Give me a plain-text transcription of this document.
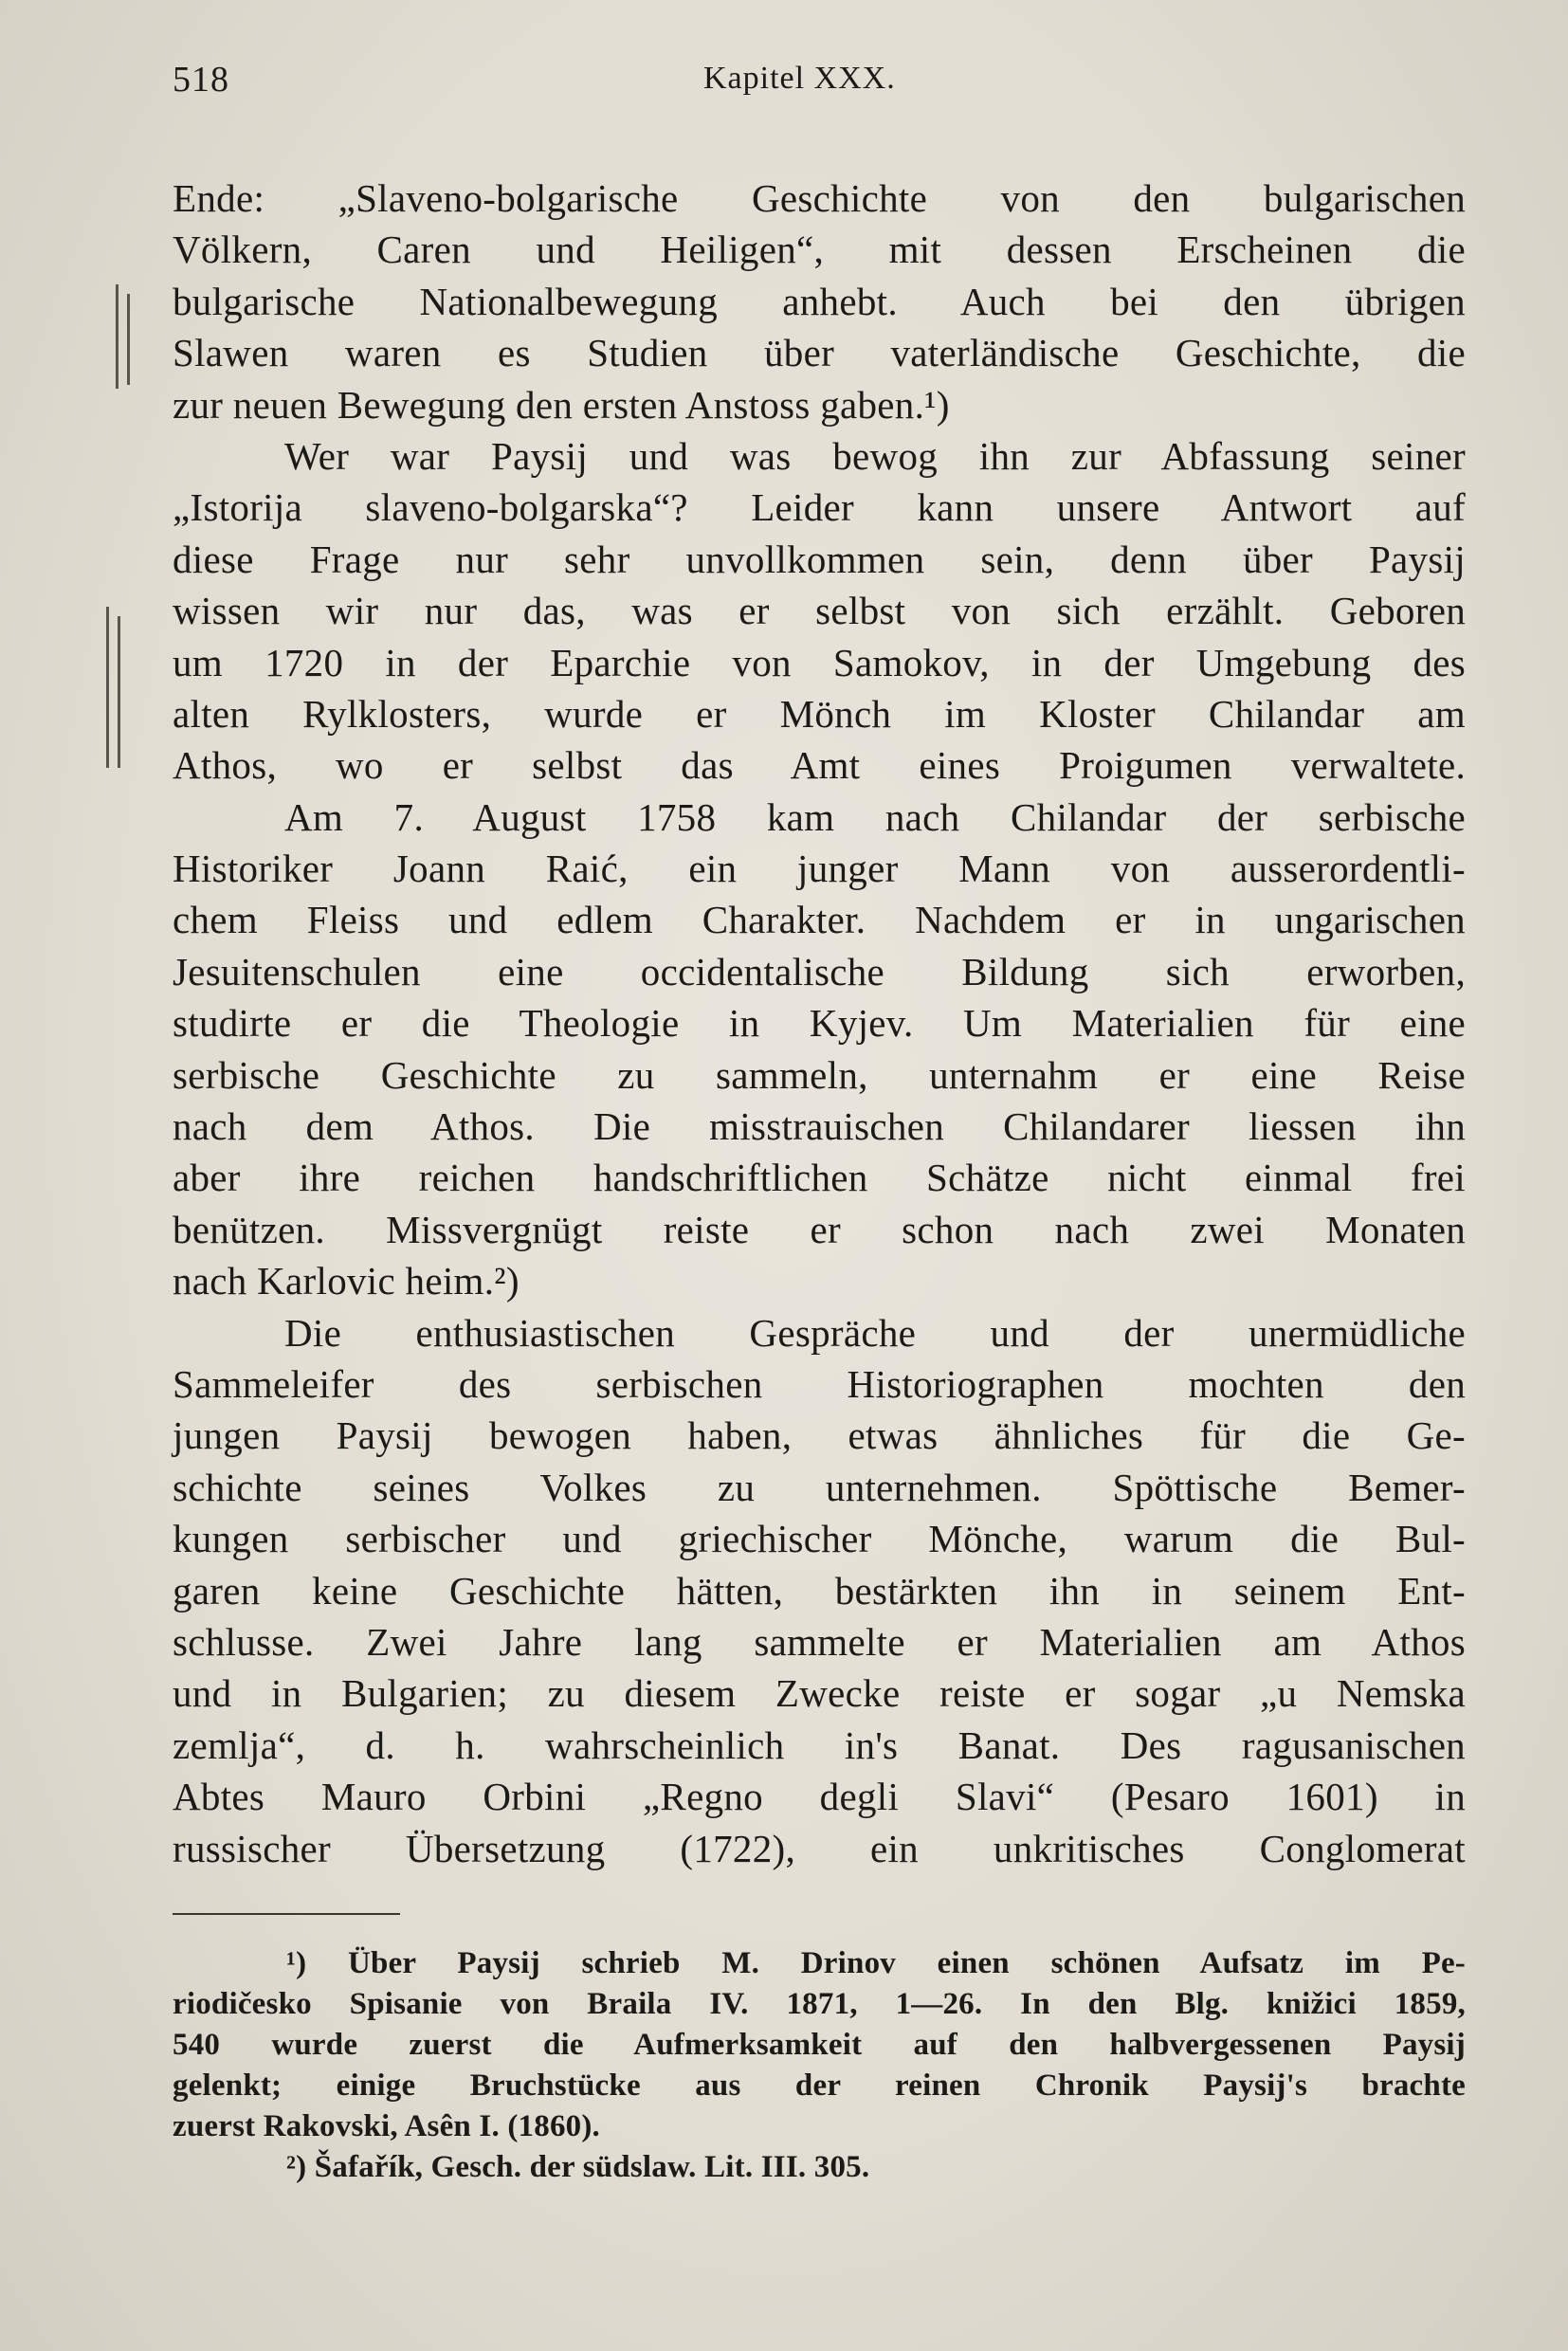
518	Kapitel XXX.
Ende: „Slaveno-bolgarische Geschichte von den bulgarischen
Völkern, Caren und Heiligen“, mit dessen Erscheinen die
bulgarische Nationalbewegung anhebt. Auch bei den übrigen
Slawen waren es Studien über vaterländische Geschichte, die
zur neuen Bewegung den ersten Anstoss gaben.¹)
Wer war Paysij und was bewog ihn zur Abfassung seiner
„Istorija slaveno-bolgarska“? Leider kann unsere Antwort auf
diese Frage nur sehr unvollkommen sein, denn über Paysij
wissen wir nur das, was er selbst von sich erzählt. Geboren
um 1720 in der Eparchie von Samokov, in der Umgebung des
alten Rylklosters, wurde er Mönch im Kloster Chilandar am
Athos, wo er selbst das Amt eines Proigumen verwaltete.
Am 7. August 1758 kam nach Chilandar der serbische
Historiker Joann Raić, ein junger Mann von ausserordentli-
chem Fleiss und edlem Charakter. Nachdem er in ungarischen
Jesuitenschulen eine occidentalische Bildung sich erworben,
studirte er die Theologie in Kyjev. Um Materialien für eine
serbische Geschichte zu sammeln, unternahm er eine Reise
nach dem Athos. Die misstrauischen Chilandarer liessen ihn
aber ihre reichen handschriftlichen Schätze nicht einmal frei
benützen. Missvergnügt reiste er schon nach zwei Monaten
nach Karlovic heim.²)
Die enthusiastischen Gespräche und der unermüdliche
Sammeleifer des serbischen Historiographen mochten den
jungen Paysij bewogen haben, etwas ähnliches für die Ge-
schichte seines Volkes zu unternehmen. Spöttische Bemer-
kungen serbischer und griechischer Mönche, warum die Bul-
garen keine Geschichte hätten, bestärkten ihn in seinem Ent-
schlusse. Zwei Jahre lang sammelte er Materialien am Athos
und in Bulgarien; zu diesem Zwecke reiste er sogar „u Nemska
zemlja“, d. h. wahrscheinlich in's Banat. Des ragusanischen
Abtes Mauro Orbini „Regno degli Slavi“ (Pesaro 1601) in
russischer Übersetzung (1722), ein unkritisches Conglomerat
¹) Über Paysij schrieb M. Drinov einen schönen Aufsatz im Pe-
riodičesko Spisanie von Braila IV. 1871, 1—26. In den Blg. knižici 1859,
540 wurde zuerst die Aufmerksamkeit auf den halbvergessenen Paysij
gelenkt; einige Bruchstücke aus der reinen Chronik Paysij's brachte
zuerst Rakovski, Asên I. (1860).
²) Šafařík, Gesch. der südslaw. Lit. III. 305.
